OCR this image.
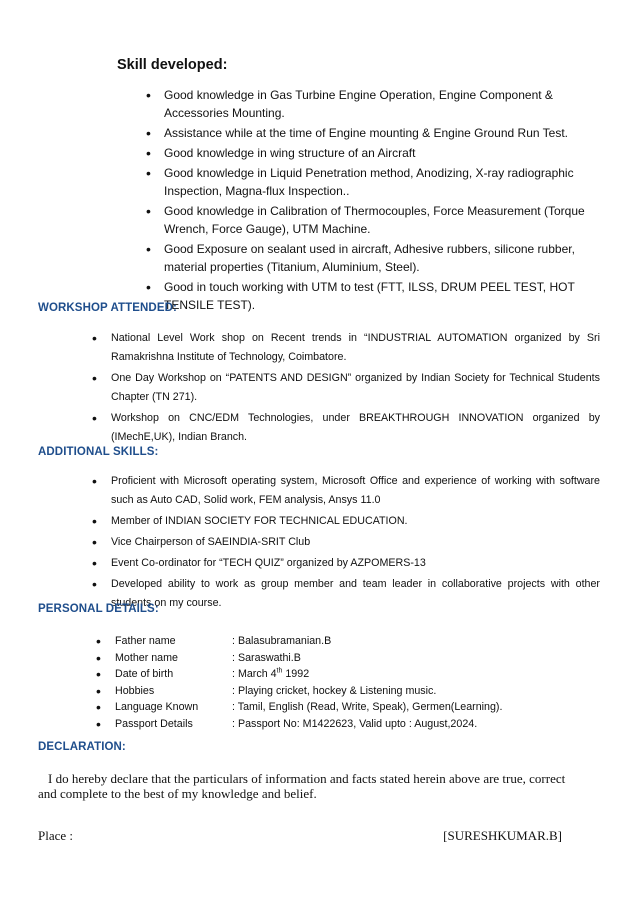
Skill developed:
• Good knowledge in Gas Turbine Engine Operation, Engine Component & Accessories Mounting.
• Assistance while at the time of Engine mounting & Engine Ground Run Test.
• Good knowledge in wing structure of an Aircraft
• Good knowledge in Liquid Penetration method, Anodizing, X-ray radiographic Inspection, Magna-flux Inspection..
• Good knowledge in Calibration of Thermocouples, Force Measurement (Torque Wrench, Force Gauge), UTM Machine.
• Good Exposure on sealant used in aircraft, Adhesive rubbers, silicone rubber, material properties (Titanium, Aluminium, Steel).
• Good in touch working with UTM to test (FTT, ILSS, DRUM PEEL TEST, HOT TENSILE TEST).
WORKSHOP ATTENDED:
• National Level Work shop on Recent trends in “INDUSTRIAL AUTOMATION organized by Sri Ramakrishna Institute of Technology, Coimbatore.
• One Day Workshop on “PATENTS AND DESIGN” organized by Indian Society for Technical Students Chapter (TN 271).
• Workshop on CNC/EDM Technologies, under BREAKTHROUGH INNOVATION organized by (IMechE,UK), Indian Branch.
ADDITIONAL SKILLS:
• Proficient with Microsoft operating system, Microsoft Office and experience of working with software such as Auto CAD, Solid work, FEM analysis, Ansys 11.0
• Member of INDIAN SOCIETY FOR TECHNICAL EDUCATION.
• Vice Chairperson of SAEINDIA-SRIT Club
• Event Co-ordinator for “TECH QUIZ” organized by AZPOMERS-13
• Developed ability to work as group member and team leader in collaborative projects with other students on my course.
PERSONAL DETAILS:
• Father name	: Balasubramanian.B
• Mother name	: Saraswathi.B
• Date of birth	: March 4th 1992
• Hobbies	: Playing cricket, hockey & Listening music.
• Language Known	: Tamil, English (Read, Write, Speak), Germen(Learning).
• Passport Details	: Passport No: M1422623, Valid upto : August,2024.
DECLARATION:
I do hereby declare that the particulars of information and facts stated herein above are true, correct and complete to the best of my knowledge and belief.
Place :	[SURESHKUMAR.B]
